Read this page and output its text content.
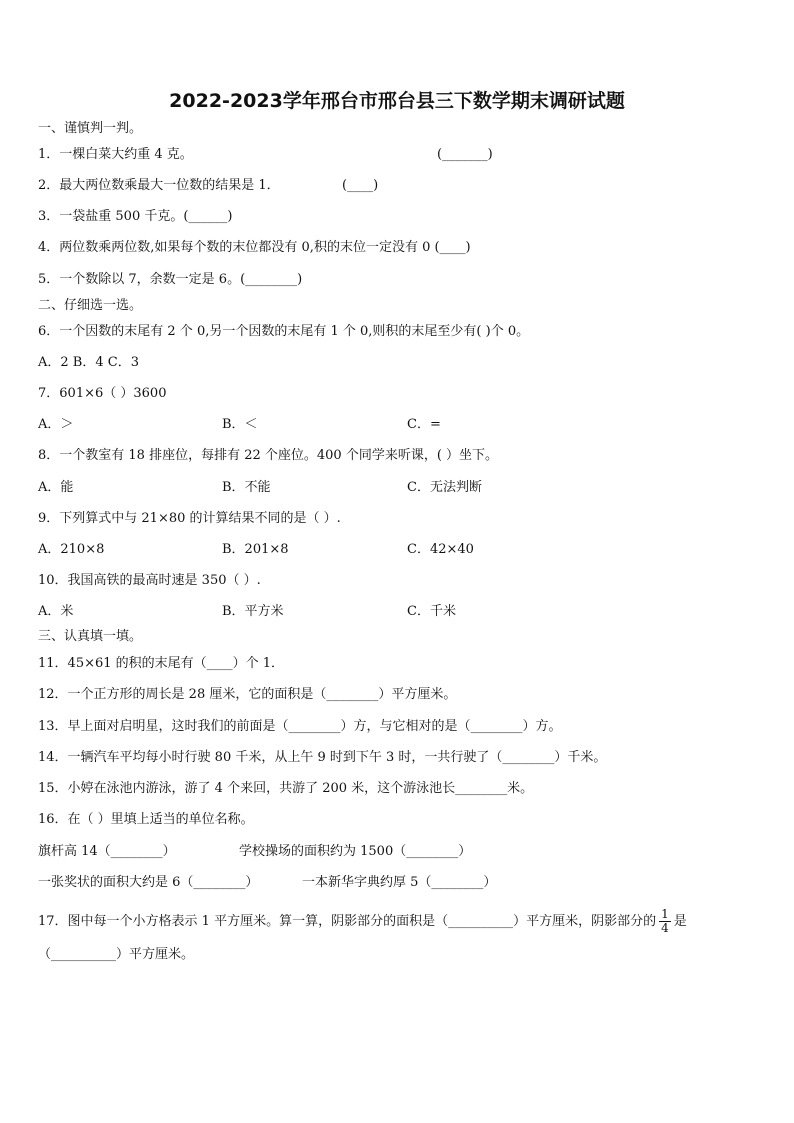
2022-2023学年邢台市邢台县三下数学期末调研试题
一、谨慎判一判。
1．一棵白菜大约重 4 克。	(_______)
2．最大两位数乘最大一位数的结果是 1．	(____)
3．一袋盐重 500 千克。(______)
4．两位数乘两位数,如果每个数的末位都没有 0,积的末位一定没有 0 (____)
5．一个数除以 7，余数一定是 6。(________)
二、仔细选一选。
6．一个因数的末尾有 2 个 0,另一个因数的末尾有 1 个 0,则积的末尾至少有( )个 0。
A．2 B．4 C．3
7．601×6（ ）3600
A．＞	B．＜	C．=
8．一个教室有 18 排座位，每排有 22 个座位。400 个同学来听课，( ）坐下。
A．能	B．不能	C．无法判断
9．下列算式中与 21×80 的计算结果不同的是（ ）.
A．210×8	B．201×8	C．42×40
10．我国高铁的最高时速是 350（ ）.
A．米	B．平方米	C．千米
三、认真填一填。
11．45×61 的积的末尾有（____）个 1．
12．一个正方形的周长是 28 厘米，它的面积是（________）平方厘米。
13．早上面对启明星，这时我们的前面是（________）方，与它相对的是（________）方。
14．一辆汽车平均每小时行驶 80 千米，从上午 9 时到下午 3 时，一共行驶了（________）千米。
15．小婷在泳池内游泳，游了 4 个来回，共游了 200 米，这个游泳池长________米。
16．在（ ）里填上适当的单位名称。
旗杆高 14（________）	学校操场的面积约为 1500（________）
一张奖状的面积大约是 6（________）	一本新华字典约厚 5（________）
17．图中每一个小方格表示 1 平方厘米。算一算，阴影部分的面积是（__________）平方厘米，阴影部分的 $\frac{1}{4}$ 是
（__________）平方厘米。
